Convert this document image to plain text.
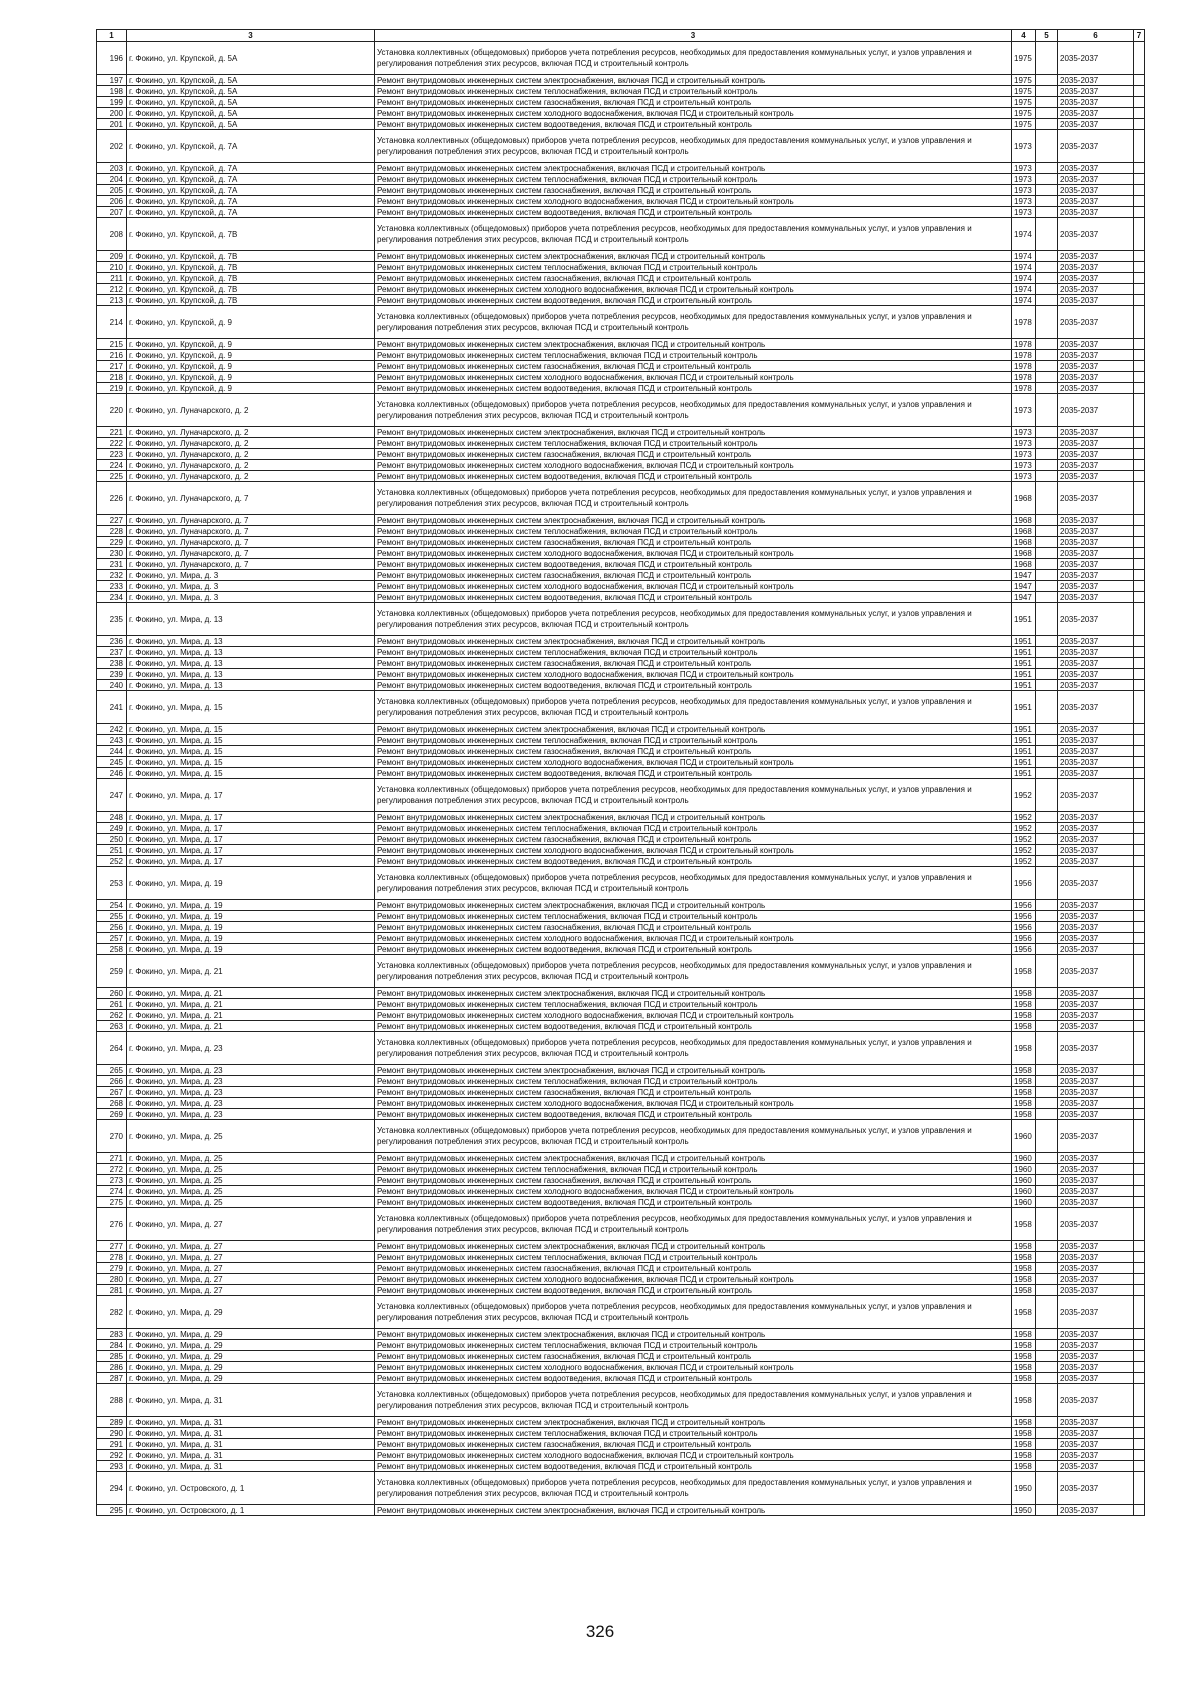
1	3	3	4	5	6	7
196	г. Фокино, ул. Крупской, д. 5А	Установка коллективных (общедомовых) приборов учета потребления ресурсов, необходимых для предоставления коммунальных услуг, и узлов управления и регулирования потребления этих ресурсов, включая ПСД и строительный контроль	1975		2035-2037	
197	г. Фокино, ул. Крупской, д. 5А	Ремонт внутридомовых инженерных систем электроснабжения, включая ПСД и строительный контроль	1975		2035-2037	
198	г. Фокино, ул. Крупской, д. 5А	Ремонт внутридомовых инженерных систем теплоснабжения, включая ПСД и строительный контроль	1975		2035-2037	
199	г. Фокино, ул. Крупской, д. 5А	Ремонт внутридомовых инженерных систем газоснабжения, включая ПСД и строительный контроль	1975		2035-2037	
200	г. Фокино, ул. Крупской, д. 5А	Ремонт внутридомовых инженерных систем холодного водоснабжения, включая ПСД и строительный контроль	1975		2035-2037	
201	г. Фокино, ул. Крупской, д. 5А	Ремонт внутридомовых инженерных систем водоотведения, включая ПСД и строительный контроль	1975		2035-2037	
202	г. Фокино, ул. Крупской, д. 7А	Установка коллективных (общедомовых) приборов учета потребления ресурсов, необходимых для предоставления коммунальных услуг, и узлов управления и регулирования потребления этих ресурсов, включая ПСД и строительный контроль	1973		2035-2037	
203	г. Фокино, ул. Крупской, д. 7А	Ремонт внутридомовых инженерных систем электроснабжения, включая ПСД и строительный контроль	1973		2035-2037	
204	г. Фокино, ул. Крупской, д. 7А	Ремонт внутридомовых инженерных систем теплоснабжения, включая ПСД и строительный контроль	1973		2035-2037	
205	г. Фокино, ул. Крупской, д. 7А	Ремонт внутридомовых инженерных систем газоснабжения, включая ПСД и строительный контроль	1973		2035-2037	
206	г. Фокино, ул. Крупской, д. 7А	Ремонт внутридомовых инженерных систем холодного водоснабжения, включая ПСД и строительный контроль	1973		2035-2037	
207	г. Фокино, ул. Крупской, д. 7А	Ремонт внутридомовых инженерных систем водоотведения, включая ПСД и строительный контроль	1973		2035-2037	
208	г. Фокино, ул. Крупской, д. 7В	Установка коллективных (общедомовых) приборов учета потребления ресурсов, необходимых для предоставления коммунальных услуг, и узлов управления и регулирования потребления этих ресурсов, включая ПСД и строительный контроль	1974		2035-2037	
209	г. Фокино, ул. Крупской, д. 7В	Ремонт внутридомовых инженерных систем электроснабжения, включая ПСД и строительный контроль	1974		2035-2037	
210	г. Фокино, ул. Крупской, д. 7В	Ремонт внутридомовых инженерных систем теплоснабжения, включая ПСД и строительный контроль	1974		2035-2037	
211	г. Фокино, ул. Крупской, д. 7В	Ремонт внутридомовых инженерных систем газоснабжения, включая ПСД и строительный контроль	1974		2035-2037	
212	г. Фокино, ул. Крупской, д. 7В	Ремонт внутридомовых инженерных систем холодного водоснабжения, включая ПСД и строительный контроль	1974		2035-2037	
213	г. Фокино, ул. Крупской, д. 7В	Ремонт внутридомовых инженерных систем водоотведения, включая ПСД и строительный контроль	1974		2035-2037	
214	г. Фокино, ул. Крупской, д. 9	Установка коллективных (общедомовых) приборов учета потребления ресурсов, необходимых для предоставления коммунальных услуг, и узлов управления и регулирования потребления этих ресурсов, включая ПСД и строительный контроль	1978		2035-2037	
215	г. Фокино, ул. Крупской, д. 9	Ремонт внутридомовых инженерных систем электроснабжения, включая ПСД и строительный контроль	1978		2035-2037	
216	г. Фокино, ул. Крупской, д. 9	Ремонт внутридомовых инженерных систем теплоснабжения, включая ПСД и строительный контроль	1978		2035-2037	
217	г. Фокино, ул. Крупской, д. 9	Ремонт внутридомовых инженерных систем газоснабжения, включая ПСД и строительный контроль	1978		2035-2037	
218	г. Фокино, ул. Крупской, д. 9	Ремонт внутридомовых инженерных систем холодного водоснабжения, включая ПСД и строительный контроль	1978		2035-2037	
219	г. Фокино, ул. Крупской, д. 9	Ремонт внутридомовых инженерных систем водоотведения, включая ПСД и строительный контроль	1978		2035-2037	
220	г. Фокино, ул. Луначарского, д. 2	Установка коллективных (общедомовых) приборов учета потребления ресурсов, необходимых для предоставления коммунальных услуг, и узлов управления и регулирования потребления этих ресурсов, включая ПСД и строительный контроль	1973		2035-2037	
221	г. Фокино, ул. Луначарского, д. 2	Ремонт внутридомовых инженерных систем электроснабжения, включая ПСД и строительный контроль	1973		2035-2037	
222	г. Фокино, ул. Луначарского, д. 2	Ремонт внутридомовых инженерных систем теплоснабжения, включая ПСД и строительный контроль	1973		2035-2037	
223	г. Фокино, ул. Луначарского, д. 2	Ремонт внутридомовых инженерных систем газоснабжения, включая ПСД и строительный контроль	1973		2035-2037	
224	г. Фокино, ул. Луначарского, д. 2	Ремонт внутридомовых инженерных систем холодного водоснабжения, включая ПСД и строительный контроль	1973		2035-2037	
225	г. Фокино, ул. Луначарского, д. 2	Ремонт внутридомовых инженерных систем водоотведения, включая ПСД и строительный контроль	1973		2035-2037	
226	г. Фокино, ул. Луначарского, д. 7	Установка коллективных (общедомовых) приборов учета потребления ресурсов, необходимых для предоставления коммунальных услуг, и узлов управления и регулирования потребления этих ресурсов, включая ПСД и строительный контроль	1968		2035-2037	
227	г. Фокино, ул. Луначарского, д. 7	Ремонт внутридомовых инженерных систем электроснабжения, включая ПСД и строительный контроль	1968		2035-2037	
228	г. Фокино, ул. Луначарского, д. 7	Ремонт внутридомовых инженерных систем теплоснабжения, включая ПСД и строительный контроль	1968		2035-2037	
229	г. Фокино, ул. Луначарского, д. 7	Ремонт внутридомовых инженерных систем газоснабжения, включая ПСД и строительный контроль	1968		2035-2037	
230	г. Фокино, ул. Луначарского, д. 7	Ремонт внутридомовых инженерных систем холодного водоснабжения, включая ПСД и строительный контроль	1968		2035-2037	
231	г. Фокино, ул. Луначарского, д. 7	Ремонт внутридомовых инженерных систем водоотведения, включая ПСД и строительный контроль	1968		2035-2037	
232	г. Фокино, ул. Мира, д. 3	Ремонт внутридомовых инженерных систем газоснабжения, включая ПСД и строительный контроль	1947		2035-2037	
233	г. Фокино, ул. Мира, д. 3	Ремонт внутридомовых инженерных систем холодного водоснабжения, включая ПСД и строительный контроль	1947		2035-2037	
234	г. Фокино, ул. Мира, д. 3	Ремонт внутридомовых инженерных систем водоотведения, включая ПСД и строительный контроль	1947		2035-2037	
235	г. Фокино, ул. Мира, д. 13	Установка коллективных (общедомовых) приборов учета потребления ресурсов, необходимых для предоставления коммунальных услуг, и узлов управления и регулирования потребления этих ресурсов, включая ПСД и строительный контроль	1951		2035-2037	
236	г. Фокино, ул. Мира, д. 13	Ремонт внутридомовых инженерных систем электроснабжения, включая ПСД и строительный контроль	1951		2035-2037	
237	г. Фокино, ул. Мира, д. 13	Ремонт внутридомовых инженерных систем теплоснабжения, включая ПСД и строительный контроль	1951		2035-2037	
238	г. Фокино, ул. Мира, д. 13	Ремонт внутридомовых инженерных систем газоснабжения, включая ПСД и строительный контроль	1951		2035-2037	
239	г. Фокино, ул. Мира, д. 13	Ремонт внутридомовых инженерных систем холодного водоснабжения, включая ПСД и строительный контроль	1951		2035-2037	
240	г. Фокино, ул. Мира, д. 13	Ремонт внутридомовых инженерных систем водоотведения, включая ПСД и строительный контроль	1951		2035-2037	
241	г. Фокино, ул. Мира, д. 15	Установка коллективных (общедомовых) приборов учета потребления ресурсов, необходимых для предоставления коммунальных услуг, и узлов управления и регулирования потребления этих ресурсов, включая ПСД и строительный контроль	1951		2035-2037	
242	г. Фокино, ул. Мира, д. 15	Ремонт внутридомовых инженерных систем электроснабжения, включая ПСД и строительный контроль	1951		2035-2037	
243	г. Фокино, ул. Мира, д. 15	Ремонт внутридомовых инженерных систем теплоснабжения, включая ПСД и строительный контроль	1951		2035-2037	
244	г. Фокино, ул. Мира, д. 15	Ремонт внутридомовых инженерных систем газоснабжения, включая ПСД и строительный контроль	1951		2035-2037	
245	г. Фокино, ул. Мира, д. 15	Ремонт внутридомовых инженерных систем холодного водоснабжения, включая ПСД и строительный контроль	1951		2035-2037	
246	г. Фокино, ул. Мира, д. 15	Ремонт внутридомовых инженерных систем водоотведения, включая ПСД и строительный контроль	1951		2035-2037	
247	г. Фокино, ул. Мира, д. 17	Установка коллективных (общедомовых) приборов учета потребления ресурсов, необходимых для предоставления коммунальных услуг, и узлов управления и регулирования потребления этих ресурсов, включая ПСД и строительный контроль	1952		2035-2037	
248	г. Фокино, ул. Мира, д. 17	Ремонт внутридомовых инженерных систем электроснабжения, включая ПСД и строительный контроль	1952		2035-2037	
249	г. Фокино, ул. Мира, д. 17	Ремонт внутридомовых инженерных систем теплоснабжения, включая ПСД и строительный контроль	1952		2035-2037	
250	г. Фокино, ул. Мира, д. 17	Ремонт внутридомовых инженерных систем газоснабжения, включая ПСД и строительный контроль	1952		2035-2037	
251	г. Фокино, ул. Мира, д. 17	Ремонт внутридомовых инженерных систем холодного водоснабжения, включая ПСД и строительный контроль	1952		2035-2037	
252	г. Фокино, ул. Мира, д. 17	Ремонт внутридомовых инженерных систем водоотведения, включая ПСД и строительный контроль	1952		2035-2037	
253	г. Фокино, ул. Мира, д. 19	Установка коллективных (общедомовых) приборов учета потребления ресурсов, необходимых для предоставления коммунальных услуг, и узлов управления и регулирования потребления этих ресурсов, включая ПСД и строительный контроль	1956		2035-2037	
254	г. Фокино, ул. Мира, д. 19	Ремонт внутридомовых инженерных систем электроснабжения, включая ПСД и строительный контроль	1956		2035-2037	
255	г. Фокино, ул. Мира, д. 19	Ремонт внутридомовых инженерных систем теплоснабжения, включая ПСД и строительный контроль	1956		2035-2037	
256	г. Фокино, ул. Мира, д. 19	Ремонт внутридомовых инженерных систем газоснабжения, включая ПСД и строительный контроль	1956		2035-2037	
257	г. Фокино, ул. Мира, д. 19	Ремонт внутридомовых инженерных систем холодного водоснабжения, включая ПСД и строительный контроль	1956		2035-2037	
258	г. Фокино, ул. Мира, д. 19	Ремонт внутридомовых инженерных систем водоотведения, включая ПСД и строительный контроль	1956		2035-2037	
259	г. Фокино, ул. Мира, д. 21	Установка коллективных (общедомовых) приборов учета потребления ресурсов, необходимых для предоставления коммунальных услуг, и узлов управления и регулирования потребления этих ресурсов, включая ПСД и строительный контроль	1958		2035-2037	
260	г. Фокино, ул. Мира, д. 21	Ремонт внутридомовых инженерных систем электроснабжения, включая ПСД и строительный контроль	1958		2035-2037	
261	г. Фокино, ул. Мира, д. 21	Ремонт внутридомовых инженерных систем теплоснабжения, включая ПСД и строительный контроль	1958		2035-2037	
262	г. Фокино, ул. Мира, д. 21	Ремонт внутридомовых инженерных систем холодного водоснабжения, включая ПСД и строительный контроль	1958		2035-2037	
263	г. Фокино, ул. Мира, д. 21	Ремонт внутридомовых инженерных систем водоотведения, включая ПСД и строительный контроль	1958		2035-2037	
264	г. Фокино, ул. Мира, д. 23	Установка коллективных (общедомовых) приборов учета потребления ресурсов, необходимых для предоставления коммунальных услуг, и узлов управления и регулирования потребления этих ресурсов, включая ПСД и строительный контроль	1958		2035-2037	
265	г. Фокино, ул. Мира, д. 23	Ремонт внутридомовых инженерных систем электроснабжения, включая ПСД и строительный контроль	1958		2035-2037	
266	г. Фокино, ул. Мира, д. 23	Ремонт внутридомовых инженерных систем теплоснабжения, включая ПСД и строительный контроль	1958		2035-2037	
267	г. Фокино, ул. Мира, д. 23	Ремонт внутридомовых инженерных систем газоснабжения, включая ПСД и строительный контроль	1958		2035-2037	
268	г. Фокино, ул. Мира, д. 23	Ремонт внутридомовых инженерных систем холодного водоснабжения, включая ПСД и строительный контроль	1958		2035-2037	
269	г. Фокино, ул. Мира, д. 23	Ремонт внутридомовых инженерных систем водоотведения, включая ПСД и строительный контроль	1958		2035-2037	
270	г. Фокино, ул. Мира, д. 25	Установка коллективных (общедомовых) приборов учета потребления ресурсов, необходимых для предоставления коммунальных услуг, и узлов управления и регулирования потребления этих ресурсов, включая ПСД и строительный контроль	1960		2035-2037	
271	г. Фокино, ул. Мира, д. 25	Ремонт внутридомовых инженерных систем электроснабжения, включая ПСД и строительный контроль	1960		2035-2037	
272	г. Фокино, ул. Мира, д. 25	Ремонт внутридомовых инженерных систем теплоснабжения, включая ПСД и строительный контроль	1960		2035-2037	
273	г. Фокино, ул. Мира, д. 25	Ремонт внутридомовых инженерных систем газоснабжения, включая ПСД и строительный контроль	1960		2035-2037	
274	г. Фокино, ул. Мира, д. 25	Ремонт внутридомовых инженерных систем холодного водоснабжения, включая ПСД и строительный контроль	1960		2035-2037	
275	г. Фокино, ул. Мира, д. 25	Ремонт внутридомовых инженерных систем водоотведения, включая ПСД и строительный контроль	1960		2035-2037	
276	г. Фокино, ул. Мира, д. 27	Установка коллективных (общедомовых) приборов учета потребления ресурсов, необходимых для предоставления коммунальных услуг, и узлов управления и регулирования потребления этих ресурсов, включая ПСД и строительный контроль	1958		2035-2037	
277	г. Фокино, ул. Мира, д. 27	Ремонт внутридомовых инженерных систем электроснабжения, включая ПСД и строительный контроль	1958		2035-2037	
278	г. Фокино, ул. Мира, д. 27	Ремонт внутридомовых инженерных систем теплоснабжения, включая ПСД и строительный контроль	1958		2035-2037	
279	г. Фокино, ул. Мира, д. 27	Ремонт внутридомовых инженерных систем газоснабжения, включая ПСД и строительный контроль	1958		2035-2037	
280	г. Фокино, ул. Мира, д. 27	Ремонт внутридомовых инженерных систем холодного водоснабжения, включая ПСД и строительный контроль	1958		2035-2037	
281	г. Фокино, ул. Мира, д. 27	Ремонт внутридомовых инженерных систем водоотведения, включая ПСД и строительный контроль	1958		2035-2037	
282	г. Фокино, ул. Мира, д. 29	Установка коллективных (общедомовых) приборов учета потребления ресурсов, необходимых для предоставления коммунальных услуг, и узлов управления и регулирования потребления этих ресурсов, включая ПСД и строительный контроль	1958		2035-2037	
283	г. Фокино, ул. Мира, д. 29	Ремонт внутридомовых инженерных систем электроснабжения, включая ПСД и строительный контроль	1958		2035-2037	
284	г. Фокино, ул. Мира, д. 29	Ремонт внутридомовых инженерных систем теплоснабжения, включая ПСД и строительный контроль	1958		2035-2037	
285	г. Фокино, ул. Мира, д. 29	Ремонт внутридомовых инженерных систем газоснабжения, включая ПСД и строительный контроль	1958		2035-2037	
286	г. Фокино, ул. Мира, д. 29	Ремонт внутридомовых инженерных систем холодного водоснабжения, включая ПСД и строительный контроль	1958		2035-2037	
287	г. Фокино, ул. Мира, д. 29	Ремонт внутридомовых инженерных систем водоотведения, включая ПСД и строительный контроль	1958		2035-2037	
288	г. Фокино, ул. Мира, д. 31	Установка коллективных (общедомовых) приборов учета потребления ресурсов, необходимых для предоставления коммунальных услуг, и узлов управления и регулирования потребления этих ресурсов, включая ПСД и строительный контроль	1958		2035-2037	
289	г. Фокино, ул. Мира, д. 31	Ремонт внутридомовых инженерных систем электроснабжения, включая ПСД и строительный контроль	1958		2035-2037	
290	г. Фокино, ул. Мира, д. 31	Ремонт внутридомовых инженерных систем теплоснабжения, включая ПСД и строительный контроль	1958		2035-2037	
291	г. Фокино, ул. Мира, д. 31	Ремонт внутридомовых инженерных систем газоснабжения, включая ПСД и строительный контроль	1958		2035-2037	
292	г. Фокино, ул. Мира, д. 31	Ремонт внутридомовых инженерных систем холодного водоснабжения, включая ПСД и строительный контроль	1958		2035-2037	
293	г. Фокино, ул. Мира, д. 31	Ремонт внутридомовых инженерных систем водоотведения, включая ПСД и строительный контроль	1958		2035-2037	
294	г. Фокино, ул. Островского, д. 1	Установка коллективных (общедомовых) приборов учета потребления ресурсов, необходимых для предоставления коммунальных услуг, и узлов управления и регулирования потребления этих ресурсов, включая ПСД и строительный контроль	1950		2035-2037	
295	г. Фокино, ул. Островского, д. 1	Ремонт внутридомовых инженерных систем электроснабжения, включая ПСД и строительный контроль	1950		2035-2037	
326
